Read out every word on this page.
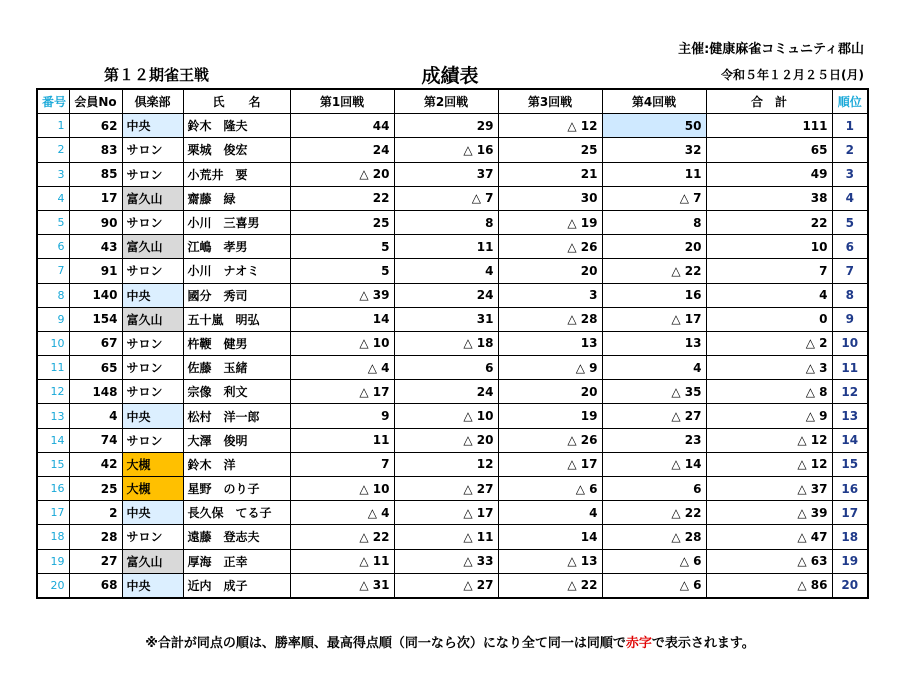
主催:健康麻雀コミュニティ郡山
第１２期雀王戦	成績表	令和５年１２月２５日(月)
番号	会員No	倶楽部	氏　　名	第1回戦	第2回戦	第3回戦	第4回戦	合　計	順位
1	62	中央	鈴木　隆夫	44	29	△ 12	50	111	1
2	83	サロン	栗城　俊宏	24	△ 16	25	32	65	2
3	85	サロン	小荒井　要	△ 20	37	21	11	49	3
4	17	富久山	齋藤　緑	22	△ 7	30	△ 7	38	4
5	90	サロン	小川　三喜男	25	8	△ 19	8	22	5
6	43	富久山	江嶋　孝男	5	11	△ 26	20	10	6
7	91	サロン	小川　ナオミ	5	4	20	△ 22	7	7
8	140	中央	國分　秀司	△ 39	24	3	16	4	8
9	154	富久山	五十嵐　明弘	14	31	△ 28	△ 17	0	9
10	67	サロン	杵鞭　健男	△ 10	△ 18	13	13	△ 2	10
11	65	サロン	佐藤　玉緒	△ 4	6	△ 9	4	△ 3	11
12	148	サロン	宗像　利文	△ 17	24	20	△ 35	△ 8	12
13	4	中央	松村　洋一郎	9	△ 10	19	△ 27	△ 9	13
14	74	サロン	大澤　俊明	11	△ 20	△ 26	23	△ 12	14
15	42	大槻	鈴木　洋	7	12	△ 17	△ 14	△ 12	15
16	25	大槻	星野　のり子	△ 10	△ 27	△ 6	6	△ 37	16
17	2	中央	長久保　てる子	△ 4	△ 17	4	△ 22	△ 39	17
18	28	サロン	遠藤　登志夫	△ 22	△ 11	14	△ 28	△ 47	18
19	27	富久山	厚海　正幸	△ 11	△ 33	△ 13	△ 6	△ 63	19
20	68	中央	近内　成子	△ 31	△ 27	△ 22	△ 6	△ 86	20
※合計が同点の順は、勝率順、最高得点順（同一なら次）になり全て同一は同順で赤字で表示されます。
